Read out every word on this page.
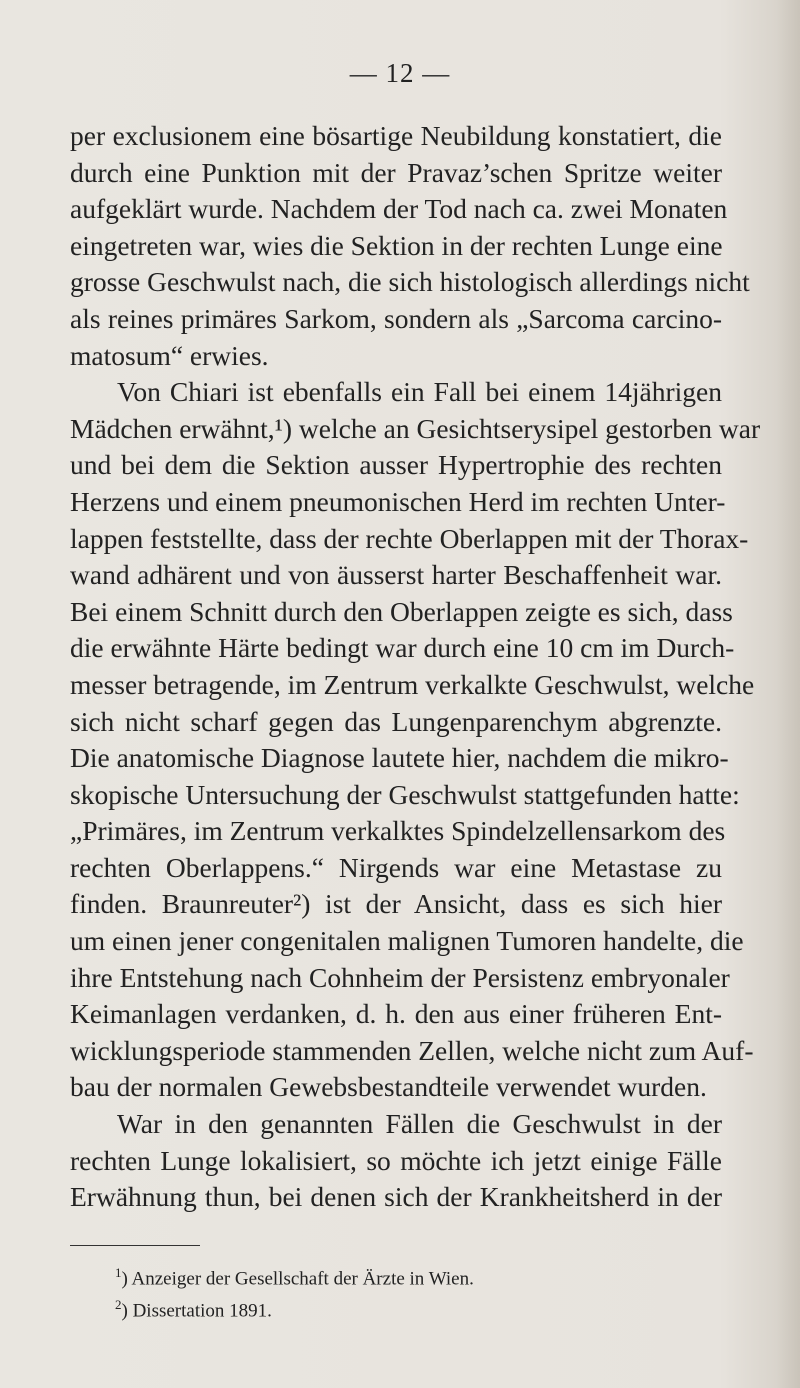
— 12 —
per exclusionem eine bösartige Neubildung konstatiert, die
durch eine Punktion mit der Pravaz’schen Spritze weiter
aufgeklärt wurde. Nachdem der Tod nach ca. zwei Monaten
eingetreten war, wies die Sektion in der rechten Lunge eine
grosse Geschwulst nach, die sich histologisch allerdings nicht
als reines primäres Sarkom, sondern als „Sarcoma carcino-
matosum“ erwies.
Von Chiari ist ebenfalls ein Fall bei einem 14jährigen
Mädchen erwähnt,¹) welche an Gesichtserysipel gestorben war
und bei dem die Sektion ausser Hypertrophie des rechten
Herzens und einem pneumonischen Herd im rechten Unter-
lappen feststellte, dass der rechte Oberlappen mit der Thorax-
wand adhärent und von äusserst harter Beschaffenheit war.
Bei einem Schnitt durch den Oberlappen zeigte es sich, dass
die erwähnte Härte bedingt war durch eine 10 cm im Durch-
messer betragende, im Zentrum verkalkte Geschwulst, welche
sich nicht scharf gegen das Lungenparenchym abgrenzte.
Die anatomische Diagnose lautete hier, nachdem die mikro-
skopische Untersuchung der Geschwulst stattgefunden hatte:
„Primäres, im Zentrum verkalktes Spindelzellensarkom des
rechten Oberlappens.“ Nirgends war eine Metastase zu
finden. Braunreuter²) ist der Ansicht, dass es sich hier
um einen jener congenitalen malignen Tumoren handelte, die
ihre Entstehung nach Cohnheim der Persistenz embryonaler
Keimanlagen verdanken, d. h. den aus einer früheren Ent-
wicklungsperiode stammenden Zellen, welche nicht zum Auf-
bau der normalen Gewebsbestandteile verwendet wurden.
War in den genannten Fällen die Geschwulst in der
rechten Lunge lokalisiert, so möchte ich jetzt einige Fälle
Erwähnung thun, bei denen sich der Krankheitsherd in der
$^1$) Anzeiger der Gesellschaft der Ärzte in Wien.
$^2$) Dissertation 1891.
